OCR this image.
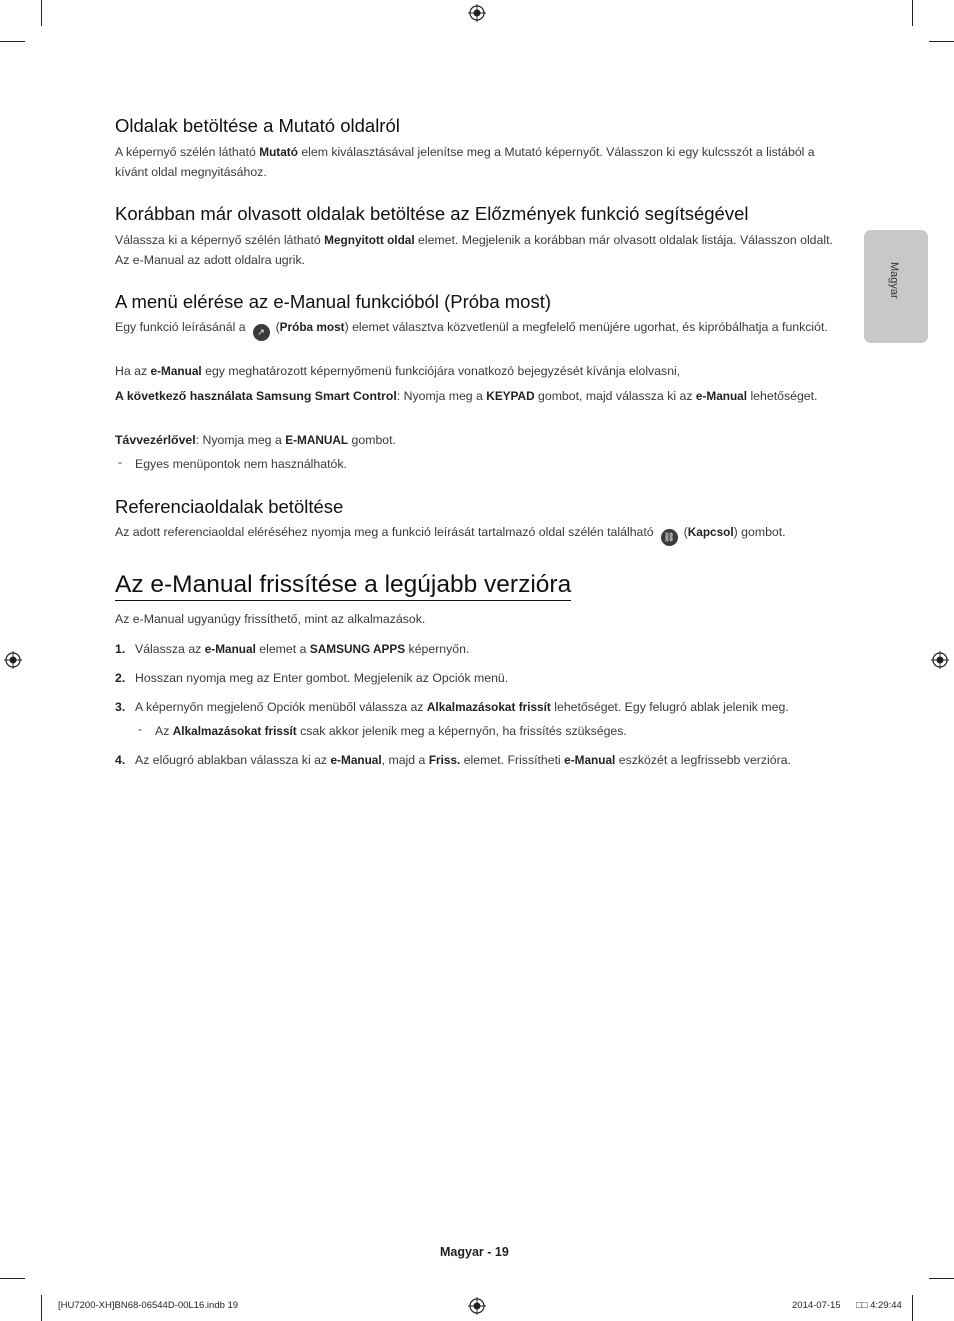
Magyar
Oldalak betöltése a Mutató oldalról

A képernyő szélén látható Mutató elem kiválasztásával jelenítse meg a Mutató képernyőt. Válasszon ki egy kulcsszót a listából a kívánt oldal megnyitásához.

Korábban már olvasott oldalak betöltése az Előzmények funkció segítségével

Válassza ki a képernyő szélén látható Megnyitott oldal elemet. Megjelenik a korábban már olvasott oldalak listája. Válasszon oldalt. Az e-Manual az adott oldalra ugrik.

A menü elérése az e-Manual funkcióból (Próba most)

Egy funkció leírásánál a ↗ (Próba most) elemet választva közvetlenül a megfelelő menüjére ugorhat, és kipróbálhatja a funkciót.

Ha az e-Manual egy meghatározott képernyőmenü funkciójára vonatkozó bejegyzését kívánja elolvasni,

A következő használata Samsung Smart Control: Nyomja meg a KEYPAD gombot, majd válassza ki az e-Manual lehetőséget.

Távvezérlővel: Nyomja meg a E-MANUAL gombot.

- Egyes menüpontok nem használhatók.
Referenciaoldalak betöltése

Az adott referenciaoldal eléréséhez nyomja meg a funkció leírását tartalmazó oldal szélén található ⛓ (Kapcsol) gombot.

Az e-Manual frissítése a legújabb verzióra

Az e-Manual ugyanúgy frissíthető, mint az alkalmazások.

1. Válassza az e-Manual elemet a SAMSUNG APPS képernyőn.
2. Hosszan nyomja meg az Enter gombot. Megjelenik az Opciók menü.
3. A képernyőn megjelenő Opciók menüből válassza az Alkalmazásokat frissít lehetőséget. Egy felugró ablak jelenik meg.
- Az Alkalmazásokat frissít csak akkor jelenik meg a képernyőn, ha frissítés szükséges.
4. Az előugró ablakban válassza ki az e-Manual, majd a Friss. elemet. Frissítheti e-Manual eszközét a legfrissebb verzióra.
Magyar - 19
[HU7200-XH]BN68-06544D-00L16.indb 19	2014-07-15 □□ 4:29:44
